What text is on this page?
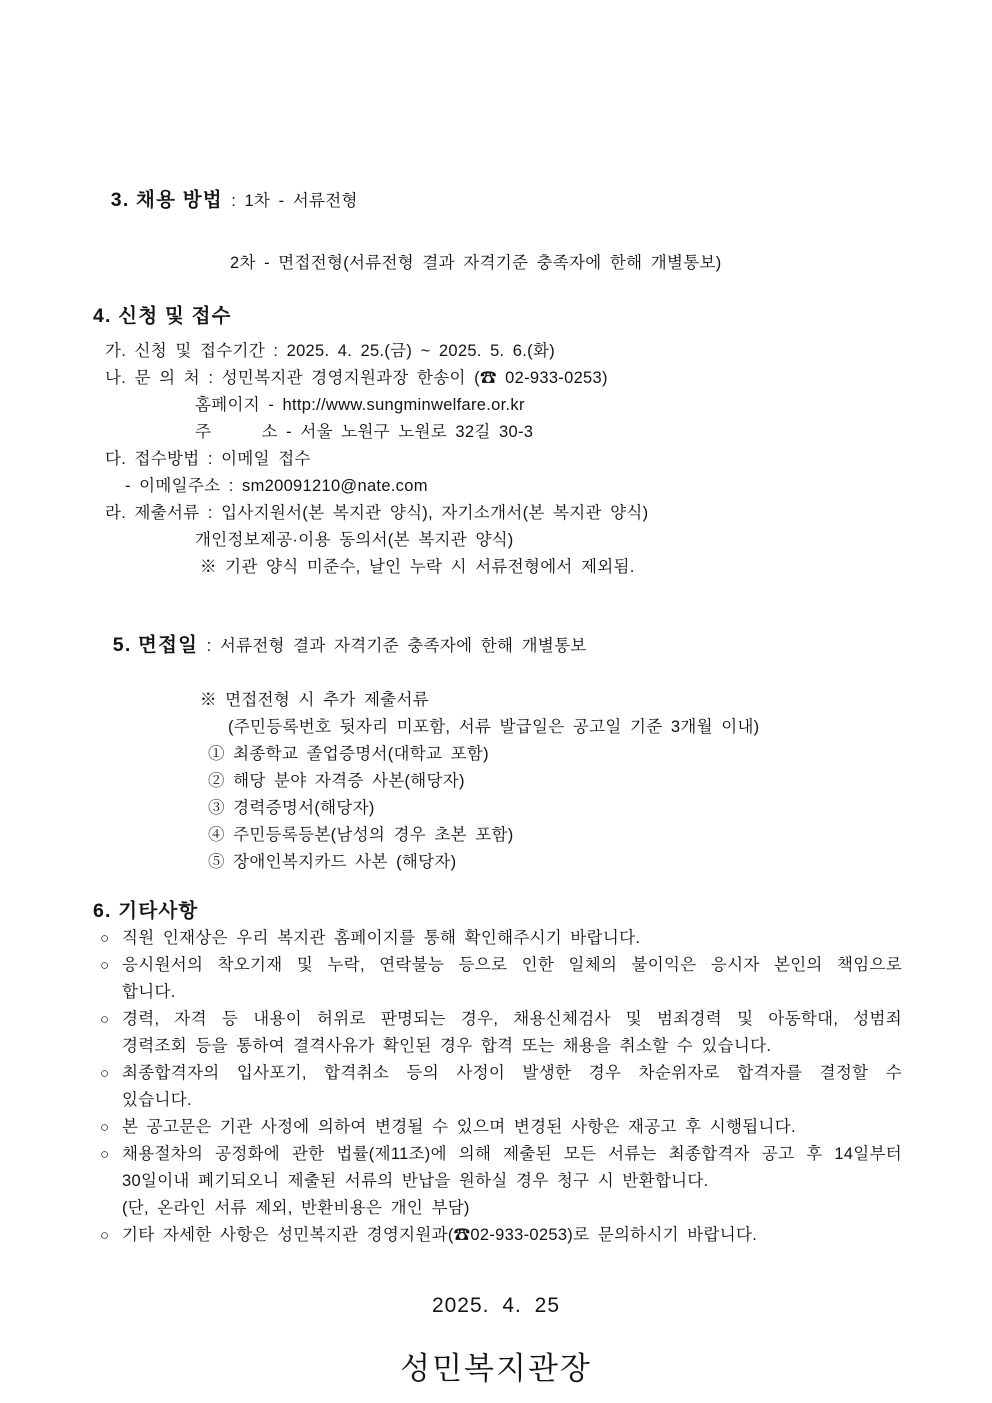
3. 채용 방법 : 1차 - 서류전형

2차 - 면접전형(서류전형 결과 자격기준 충족자에 한해 개별통보)
4. 신청 및 접수
가. 신청 및 접수기간 : 2025. 4. 25.(금) ~ 2025. 5. 6.(화)
나. 문 의 처 : 성민복지관 경영지원과장 한송이 (☎ 02-933-0253)
홈페이지 - http://www.sungminwelfare.or.kr
주      소 - 서울 노원구 노원로 32길 30-3
다. 접수방법 : 이메일 접수
- 이메일주소 : sm20091210@nate.com
라. 제출서류 : 입사지원서(본 복지관 양식), 자기소개서(본 복지관 양식)
개인정보제공·이용 동의서(본 복지관 양식)
※ 기관 양식 미준수, 날인 누락 시 서류전형에서 제외됨.

5. 면접일 : 서류전형 결과 자격기준 충족자에 한해 개별통보

※ 면접전형 시 추가 제출서류
(주민등록번호 뒷자리 미포함, 서류 발급일은 공고일 기준 3개월 이내)
① 최종학교 졸업증명서(대학교 포함)
② 해당 분야 자격증 사본(해당자)
③ 경력증명서(해당자)
④ 주민등록등본(남성의 경우 초본 포함)
⑤ 장애인복지카드 사본 (해당자)
6. 기타사항
○ 직원 인재상은 우리 복지관 홈페이지를 통해 확인해주시기 바랍니다.
○ 응시원서의 착오기재 및 누락, 연락불능 등으로 인한 일체의 불이익은 응시자 본인의 책임으로
합니다.
○ 경력, 자격 등 내용이 허위로 판명되는 경우, 채용신체검사 및 범죄경력 및 아동학대, 성범죄
경력조회 등을 통하여 결격사유가 확인된 경우 합격 또는 채용을 취소할 수 있습니다.
○ 최종합격자의 입사포기, 합격취소 등의 사정이 발생한 경우 차순위자로 합격자를 결정할 수
있습니다.
○ 본 공고문은 기관 사정에 의하여 변경될 수 있으며 변경된 사항은 재공고 후 시행됩니다.
○ 채용절차의 공정화에 관한 법률(제11조)에 의해 제출된 모든 서류는 최종합격자 공고 후 14일부터
30일이내 폐기되오니 제출된 서류의 반납을 원하실 경우 청구 시 반환합니다.
(단, 온라인 서류 제외, 반환비용은 개인 부담)
○ 기타 자세한 사항은 성민복지관 경영지원과(☎02-933-0253)로 문의하시기 바랍니다.
2025. 4. 25
성민복지관장
